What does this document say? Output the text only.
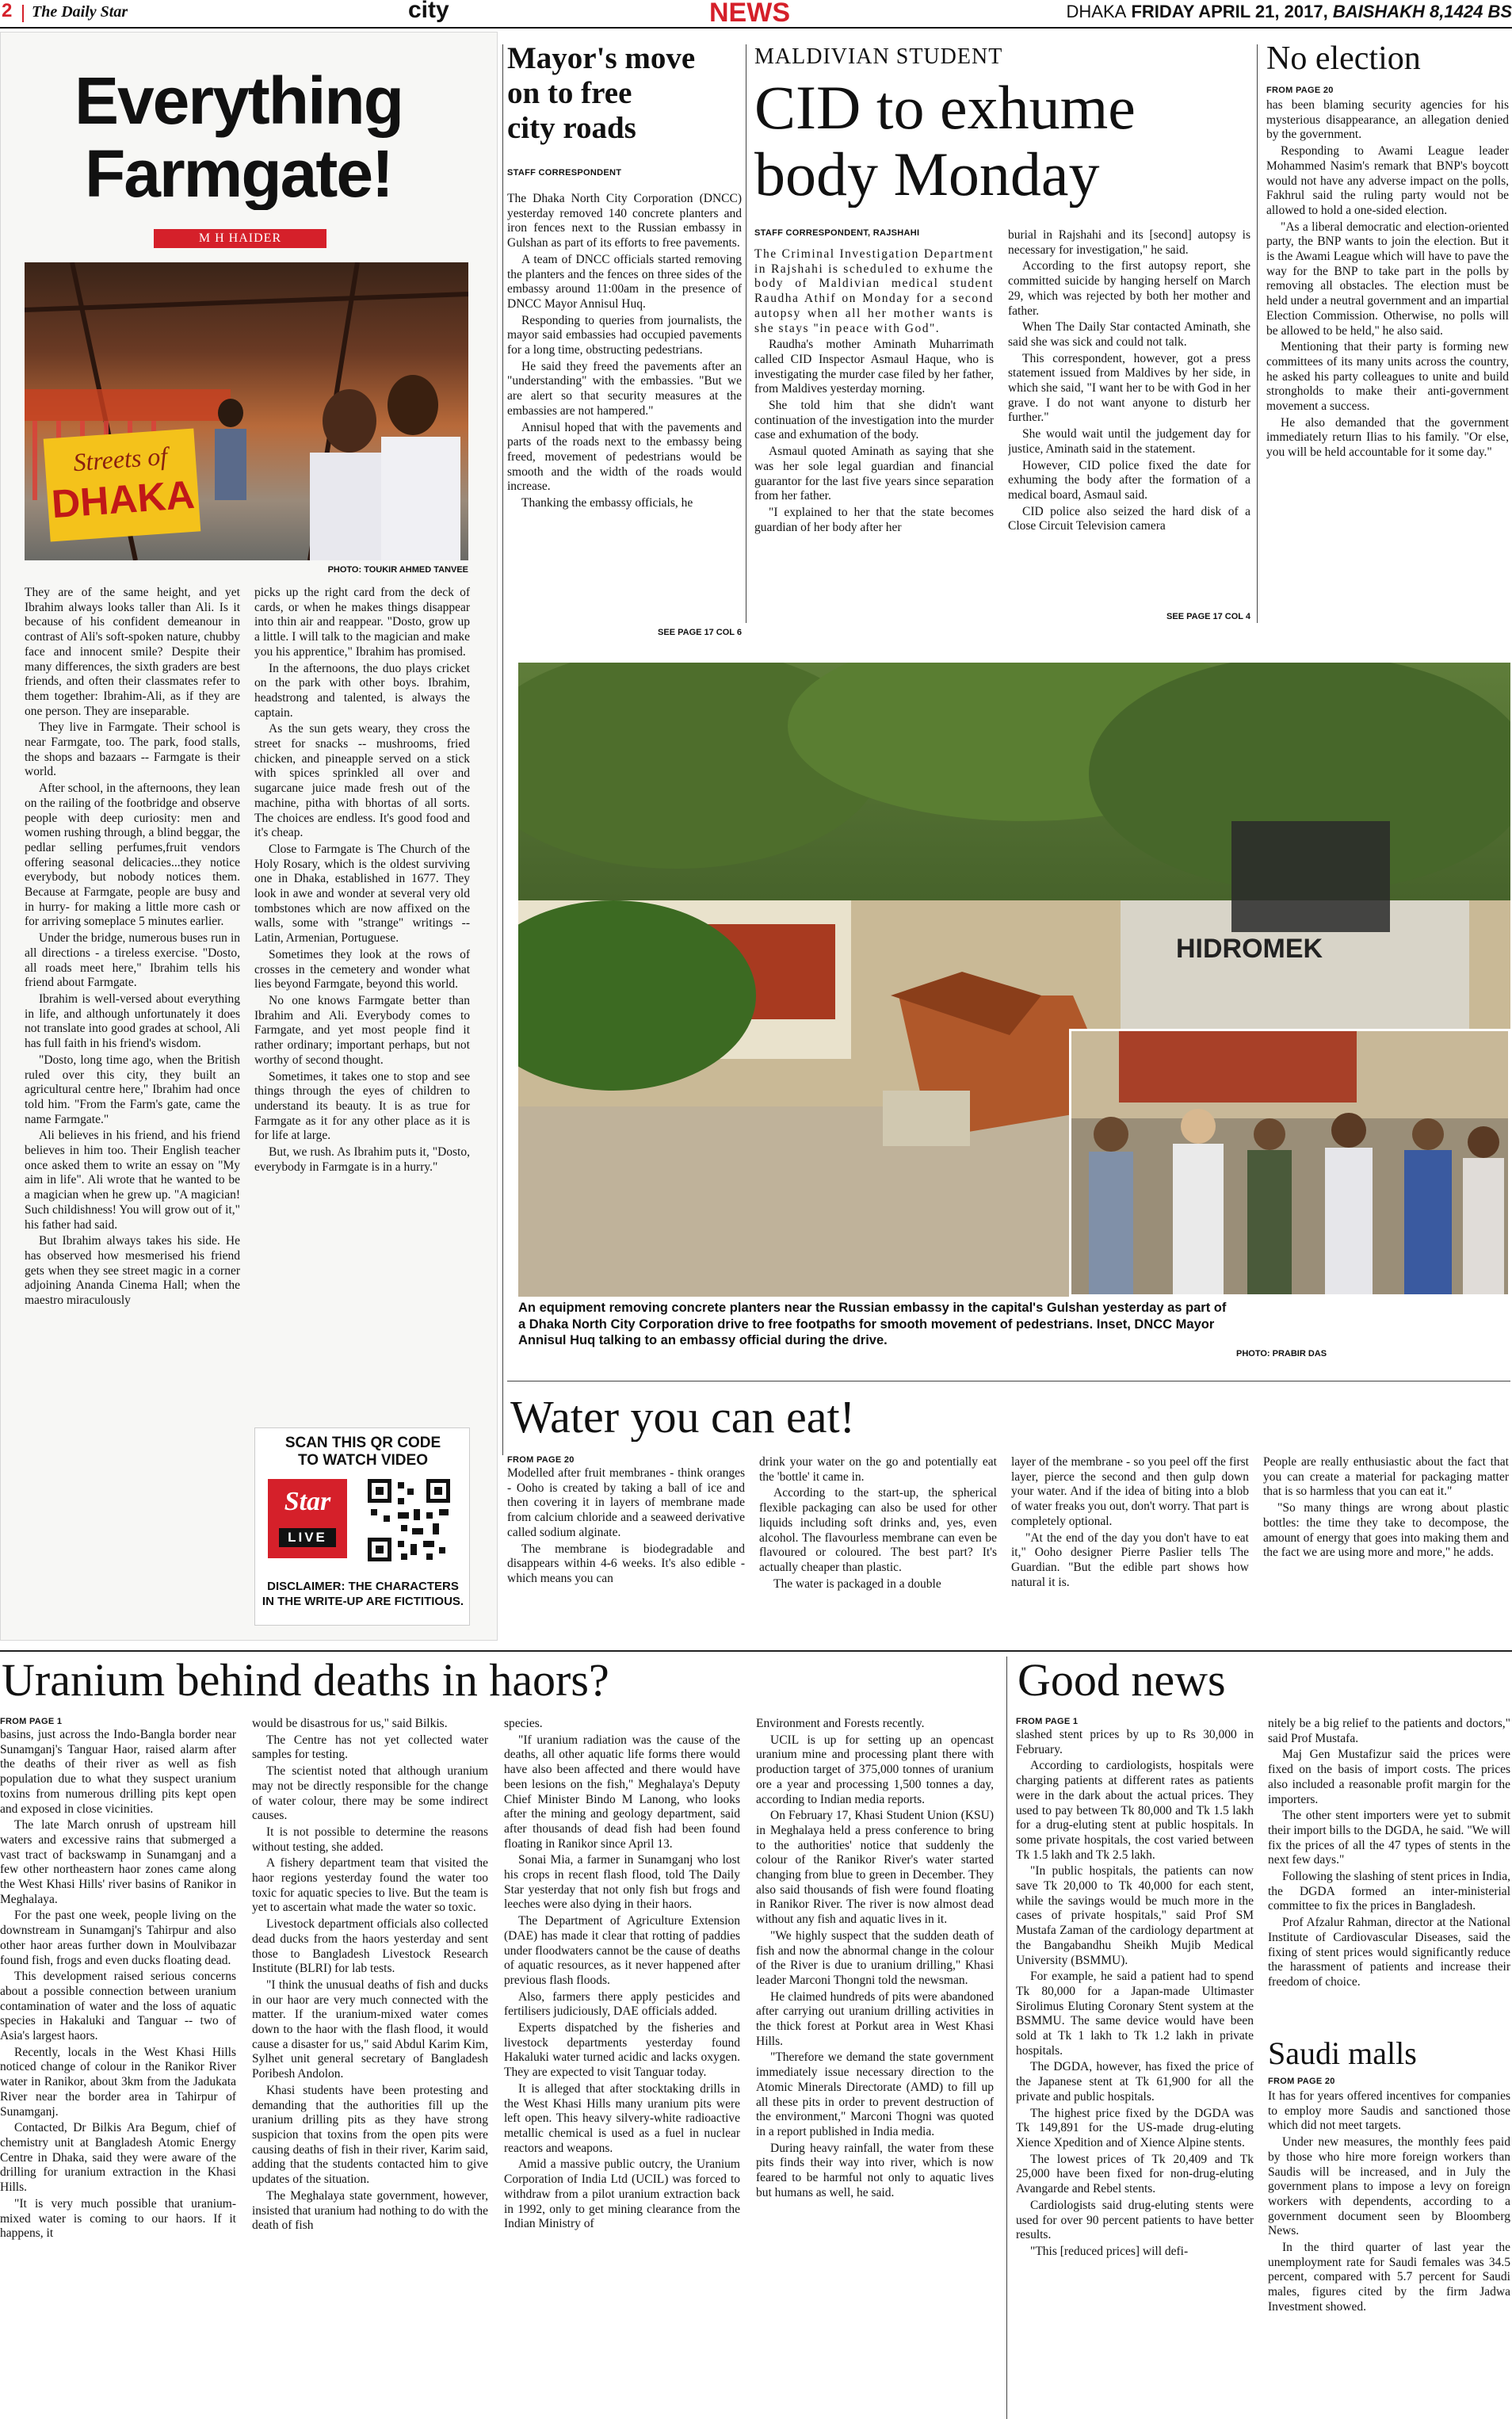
2 The Daily Star	city	NEWS	DHAKA FRIDAY APRIL 21, 2017, BAISHAKH 8,1424 BS
Everything
Farmgate!
M H HAIDER
Streets of
DHAKA
PHOTO: TOUKIR AHMED TANVEE

They are of the same height, and yet Ibrahim always looks taller than Ali. Is it because of his confident demeanour in contrast of Ali's soft-spoken nature, chubby face and innocent smile? Despite their many differences, the sixth graders are best friends, and often their classmates refer to them together: Ibrahim-Ali, as if they are one person. They are inseparable.

They live in Farmgate. Their school is near Farmgate, too. The park, food stalls, the shops and bazaars -- Farmgate is their world.

After school, in the afternoons, they lean on the railing of the footbridge and observe people with deep curiosity: men and women rushing through, a blind beggar, the pedlar selling perfumes,fruit vendors offering seasonal delicacies...they notice everybody, but nobody notices them. Because at Farmgate, people are busy and in hurry- for making a little more cash or for arriving someplace 5 minutes earlier.

Under the bridge, numerous buses run in all directions - a tireless exercise. "Dosto, all roads meet here," Ibrahim tells his friend about Farmgate.

Ibrahim is well-versed about everything in life, and although unfortunately it does not translate into good grades at school, Ali has full faith in his friend's wisdom.

"Dosto, long time ago, when the British ruled over this city, they built an agricultural centre here," Ibrahim had once told him. "From the Farm's gate, came the name Farmgate."

Ali believes in his friend, and his friend believes in him too. Their English teacher once asked them to write an essay on "My aim in life". Ali wrote that he wanted to be a magician when he grew up. "A magician! Such childishness! You will grow out of it," his father had said.

But Ibrahim always takes his side. He has observed how mesmerised his friend gets when they see street magic in a corner adjoining Ananda Cinema Hall; when the maestro miraculously

picks up the right card from the deck of cards, or when he makes things disappear into thin air and reappear. "Dosto, grow up a little. I will talk to the magician and make you his apprentice," Ibrahim has promised.

In the afternoons, the duo plays cricket on the park with other boys. Ibrahim, headstrong and talented, is always the captain.

As the sun gets weary, they cross the street for snacks -- mushrooms, fried chicken, and pineapple served on a stick with spices sprinkled all over and sugarcane juice made fresh out of the machine, pitha with bhortas of all sorts. The choices are endless. It's good food and it's cheap.

Close to Farmgate is The Church of the Holy Rosary, which is the oldest surviving one in Dhaka, established in 1677. They look in awe and wonder at several very old tombstones which are now affixed on the walls, some with "strange" writings -- Latin, Armenian, Portuguese.

Sometimes they look at the rows of crosses in the cemetery and wonder what lies beyond Farmgate, beyond this world.

No one knows Farmgate better than Ibrahim and Ali. Everybody comes to Farmgate, and yet most people find it rather ordinary; important perhaps, but not worthy of second thought.

Sometimes, it takes one to stop and see things through the eyes of children to understand its beauty. It is as true for Farmgate as it for any other place as it is for life at large.

But, we rush. As Ibrahim puts it, "Dosto, everybody in Farmgate is in a hurry."

SCAN THIS QR CODE
TO WATCH VIDEO
Star
LIVE
DISCLAIMER: THE CHARACTERS
IN THE WRITE-UP ARE FICTITIOUS.
Mayor's move
on to free
city roads
STAFF CORRESPONDENT

The Dhaka North City Corporation (DNCC) yesterday removed 140 concrete planters and iron fences next to the Russian embassy in Gulshan as part of its efforts to free pavements.

A team of DNCC officials started removing the planters and the fences on three sides of the embassy around 11:00am in the presence of DNCC Mayor Annisul Huq.

Responding to queries from journalists, the mayor said embassies had occupied pavements for a long time, obstructing pedestrians.

He said they freed the pavements after an "understanding" with the embassies. "But we are alert so that security measures at the embassies are not hampered."

Annisul hoped that with the pavements and parts of the roads next to the embassy being freed, movement of pedestrians would be smooth and the width of the roads would increase.

Thanking the embassy officials, he

SEE PAGE 17 COL 6
MALDIVIAN STUDENT
CID to exhume
body Monday
STAFF CORRESPONDENT, RAJSHAHI

The Criminal Investigation Department in Rajshahi is scheduled to exhume the body of Maldivian medical student Raudha Athif on Monday for a second autopsy when all her mother wants is she stays "in peace with God".

Raudha's mother Aminath Muharrimath called CID Inspector Asmaul Haque, who is investigating the murder case filed by her father, from Maldives yesterday morning.

She told him that she didn't want continuation of the investigation into the murder case and exhumation of the body.

Asmaul quoted Aminath as saying that she was her sole legal guardian and financial guarantor for the last five years since separation from her father.

"I explained to her that the state becomes guardian of her body after her

burial in Rajshahi and its [second] autopsy is necessary for investigation," he said.

According to the first autopsy report, she committed suicide by hanging herself on March 29, which was rejected by both her mother and father.

When The Daily Star contacted Aminath, she said she was sick and could not talk.

This correspondent, however, got a press statement issued from Maldives by her side, in which she said, "I want her to be with God in her grave. I do not want anyone to disturb her further."

She would wait until the judgement day for justice, Aminath said in the statement.

However, CID police fixed the date for exhuming the body after the formation of a medical board, Asmaul said.

CID police also seized the hard disk of a Close Circuit Television camera

SEE PAGE 17 COL 4
No election
FROM PAGE 20

has been blaming security agencies for his mysterious disappearance, an allegation denied by the government.

Responding to Awami League leader Mohammed Nasim's remark that BNP's boycott would not have any adverse impact on the polls, Fakhrul said the ruling party would not be allowed to hold a one-sided election.

"As a liberal democratic and election-oriented party, the BNP wants to join the election. But it is the Awami League which will have to pave the way for the BNP to take part in the polls by removing all obstacles. The election must be held under a neutral government and an impartial Election Commission. Otherwise, no polls will be allowed to be held," he also said.

Mentioning that their party is forming new committees of its many units across the country, he asked his party colleagues to unite and build strongholds to make their anti-government movement a success.

He also demanded that the government immediately return Ilias to his family. "Or else, you will be held accountable for it some day."

HIDROMEK
An equipment removing concrete planters near the Russian embassy in the capital's Gulshan yesterday as part of a Dhaka North City Corporation drive to free footpaths for smooth movement of pedestrians. Inset, DNCC Mayor Annisul Huq talking to an embassy official during the drive.
PHOTO: PRABIR DAS
Water you can eat!
FROM PAGE 20

Modelled after fruit membranes - think oranges - Ooho is created by taking a ball of ice and then covering it in layers of membrane made from calcium chloride and a seaweed derivative called sodium alginate.

The membrane is biodegradable and disappears within 4-6 weeks. It's also edible - which means you can

drink your water on the go and potentially eat the 'bottle' it came in.

According to the start-up, the spherical flexible packaging can also be used for other liquids including soft drinks and, yes, even alcohol. The flavourless membrane can even be flavoured or coloured. The best part? It's actually cheaper than plastic.

The water is packaged in a double

layer of the membrane - so you peel off the first layer, pierce the second and then gulp down your water. And if the idea of biting into a blob of water freaks you out, don't worry. That part is completely optional.

"At the end of the day you don't have to eat it," Ooho designer Pierre Paslier tells The Guardian. "But the edible part shows how natural it is.

People are really enthusiastic about the fact that you can create a material for packaging matter that is so harmless that you can eat it."

"So many things are wrong about plastic bottles: the time they take to decompose, the amount of energy that goes into making them and the fact we are using more and more," he adds.

Uranium behind deaths in haors?
FROM PAGE 1

basins, just across the Indo-Bangla border near Sunamganj's Tanguar Haor, raised alarm after the deaths of their river as well as fish population due to what they suspect uranium toxins from numerous drilling pits kept open and exposed in close vicinities.

The late March onrush of upstream hill waters and excessive rains that submerged a vast tract of backswamp in Sunamganj and a few other northeastern haor zones came along the West Khasi Hills' river basins of Ranikor in Meghalaya.

For the past one week, people living on the downstream in Sunamganj's Tahirpur and also other haor areas further down in Moulvibazar found fish, frogs and even ducks floating dead.

This development raised serious concerns about a possible connection between uranium contamination of water and the loss of aquatic species in Hakaluki and Tanguar -- two of Asia's largest haors.

Recently, locals in the West Khasi Hills noticed change of colour in the Ranikor River water in Ranikor, about 3km from the Jadukata River near the border area in Tahirpur of Sunamganj.

Contacted, Dr Bilkis Ara Begum, chief of chemistry unit at Bangladesh Atomic Energy Centre in Dhaka, said they were aware of the drilling for uranium extraction in the Khasi Hills.

"It is very much possible that uranium-mixed water is coming to our haors. If it happens, it

would be disastrous for us," said Bilkis.

The Centre has not yet collected water samples for testing.

The scientist noted that although uranium may not be directly responsible for the change of water colour, there may be some indirect causes.

It is not possible to determine the reasons without testing, she added.

A fishery department team that visited the haor regions yesterday found the water too toxic for aquatic species to live. But the team is yet to ascertain what made the water so toxic.

Livestock department officials also collected dead ducks from the haors yesterday and sent those to Bangladesh Livestock Research Institute (BLRI) for lab tests.

"I think the unusual deaths of fish and ducks in our haor are very much connected with the matter. If the uranium-mixed water comes down to the haor with the flash flood, it would cause a disaster for us," said Abdul Karim Kim, Sylhet unit general secretary of Bangladesh Poribesh Andolon.

Khasi students have been protesting and demanding that the authorities fill up the uranium drilling pits as they have strong suspicion that toxins from the open pits were causing deaths of fish in their river, Karim said, adding that the students contacted him to give updates of the situation.

The Meghalaya state government, however, insisted that uranium had nothing to do with the death of fish

species.

"If uranium radiation was the cause of the deaths, all other aquatic life forms there would have also been affected and there would have been lesions on the fish," Meghalaya's Deputy Chief Minister Bindo M Lanong, who looks after the mining and geology department, said after thousands of dead fish had been found floating in Ranikor since April 13.

Sonai Mia, a farmer in Sunamganj who lost his crops in recent flash flood, told The Daily Star yesterday that not only fish but frogs and leeches were also dying in their haors.

The Department of Agriculture Extension (DAE) has made it clear that rotting of paddies under floodwaters cannot be the cause of deaths of aquatic resources, as it never happened after previous flash floods.

Also, farmers there apply pesticides and fertilisers judiciously, DAE officials added.

Experts dispatched by the fisheries and livestock departments yesterday found Hakaluki water turned acidic and lacks oxygen. They are expected to visit Tanguar today.

It is alleged that after stocktaking drills in the West Khasi Hills many uranium pits were left open. This heavy silvery-white radioactive metallic chemical is used as a fuel in nuclear reactors and weapons.

Amid a massive public outcry, the Uranium Corporation of India Ltd (UCIL) was forced to withdraw from a pilot uranium extraction back in 1992, only to get mining clearance from the Indian Ministry of

Environment and Forests recently.

UCIL is up for setting up an opencast uranium mine and processing plant there with production target of 375,000 tonnes of uranium ore a year and processing 1,500 tonnes a day, according to Indian media reports.

On February 17, Khasi Student Union (KSU) in Meghalaya held a press conference to bring to the authorities' notice that suddenly the colour of the Ranikor River's water started changing from blue to green in December. They also said thousands of fish were found floating in Ranikor River. The river is now almost dead without any fish and aquatic lives in it.

"We highly suspect that the sudden death of fish and now the abnormal change in the colour of the River is due to uranium drilling," Khasi leader Marconi Thongni told the newsman.

He claimed hundreds of pits were abandoned after carrying out uranium drilling activities in the thick forest at Porkut area in West Khasi Hills.

"Therefore we demand the state government immediately issue necessary direction to the Atomic Minerals Directorate (AMD) to fill up all these pits in order to prevent destruction of the environment," Marconi Thogni was quoted in a report published in India media.

During heavy rainfall, the water from these pits finds their way into river, which is now feared to be harmful not only to aquatic lives but humans as well, he said.

Good news
FROM PAGE 1

slashed stent prices by up to Rs 30,000 in February.

According to cardiologists, hospitals were charging patients at different rates as patients were in the dark about the actual prices. They used to pay between Tk 80,000 and Tk 1.5 lakh for a drug-eluting stent at public hospitals. In some private hospitals, the cost varied between Tk 1.5 lakh and Tk 2.5 lakh.

"In public hospitals, the patients can now save Tk 20,000 to Tk 40,000 for each stent, while the savings would be much more in the cases of private hospitals," said Prof SM Mustafa Zaman of the cardiology department at the Bangabandhu Sheikh Mujib Medical University (BSMMU).

For example, he said a patient had to spend Tk 80,000 for a Japan-made Ultimaster Sirolimus Eluting Coronary Stent system at the BSMMU. The same device would have been sold at Tk 1 lakh to Tk 1.2 lakh in private hospitals.

The DGDA, however, has fixed the price of the Japanese stent at Tk 61,900 for all the private and public hospitals.

The highest price fixed by the DGDA was Tk 149,891 for the US-made drug-eluting Xience Xpedition and of Xience Alpine stents.

The lowest prices of Tk 20,409 and Tk 25,000 have been fixed for non-drug-eluting Avangarde and Rebel stents.

Cardiologists said drug-eluting stents were used for over 90 percent patients to have better results.

"This [reduced prices] will defi-

nitely be a big relief to the patients and doctors," said Prof Mustafa.

Maj Gen Mustafizur said the prices were fixed on the basis of import costs. The prices also included a reasonable profit margin for the importers.

The other stent importers were yet to submit their import bills to the DGDA, he said. "We will fix the prices of all the 47 types of stents in the next few days."

Following the slashing of stent prices in India, the DGDA formed an inter-ministerial committee to fix the prices in Bangladesh.

Prof Afzalur Rahman, director at the National Institute of Cardiovascular Diseases, said the fixing of stent prices would significantly reduce the harassment of patients and increase their freedom of choice.

Saudi malls
FROM PAGE 20

It has for years offered incentives for companies to employ more Saudis and sanctioned those which did not meet targets.

Under new measures, the monthly fees paid by those who hire more foreign workers than Saudis will be increased, and in July the government plans to impose a levy on foreign workers with dependents, according to a government document seen by Bloomberg News.

In the third quarter of last year the unemployment rate for Saudi females was 34.5 percent, compared with 5.7 percent for Saudi males, figures cited by the firm Jadwa Investment showed.
